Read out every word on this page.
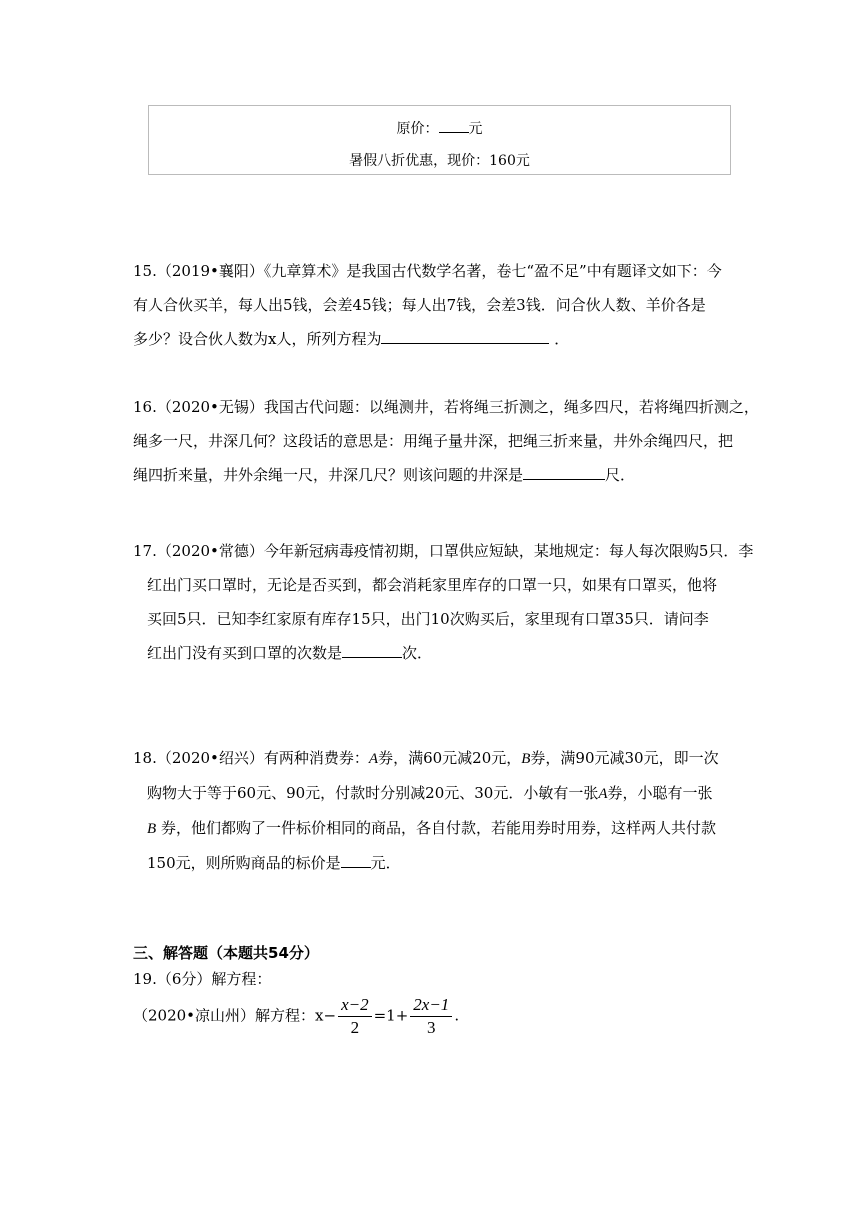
原价： 元
暑假八折优惠，现价：160元

15.（2019•襄阳）《九章算术》是我国古代数学名著，卷七“盈不足”中有题译文如下：今

有人合伙买羊，每人出5钱，会差45钱；每人出7钱，会差3钱．问合伙人数、羊价各是

多少？设合伙人数为x人，所列方程为	．

16.（2020•无锡）我国古代问题：以绳测井，若将绳三折测之，绳多四尺，若将绳四折测之，

绳多一尺，井深几何？这段话的意思是：用绳子量井深，把绳三折来量，井外余绳四尺，把

绳四折来量，井外余绳一尺，井深几尺？则该问题的井深是	尺．

17.（2020•常德）今年新冠病毒疫情初期，口罩供应短缺，某地规定：每人每次限购5只．李

红出门买口罩时，无论是否买到，都会消耗家里库存的口罩一只，如果有口罩买，他将

买回5只．已知李红家原有库存15只，出门10次购买后，家里现有口罩35只．请问李

红出门没有买到口罩的次数是	次．

18.（2020•绍兴）有两种消费券：A券，满60元减20元，B券，满90元减30元，即一次

购物大于等于60元、90元，付款时分别减20元、30元．小敏有一张A券，小聪有一张

B 券，他们都购了一件标价相同的商品，各自付款，若能用券时用券，这样两人共付款

150元，则所购商品的标价是 元．

三、解答题（本题共54分）
19.（6分）解方程：
（2020•凉山州）解方程：$x- \frac{x-2}{2} =1+ \frac{2x-1}{3}$ .
